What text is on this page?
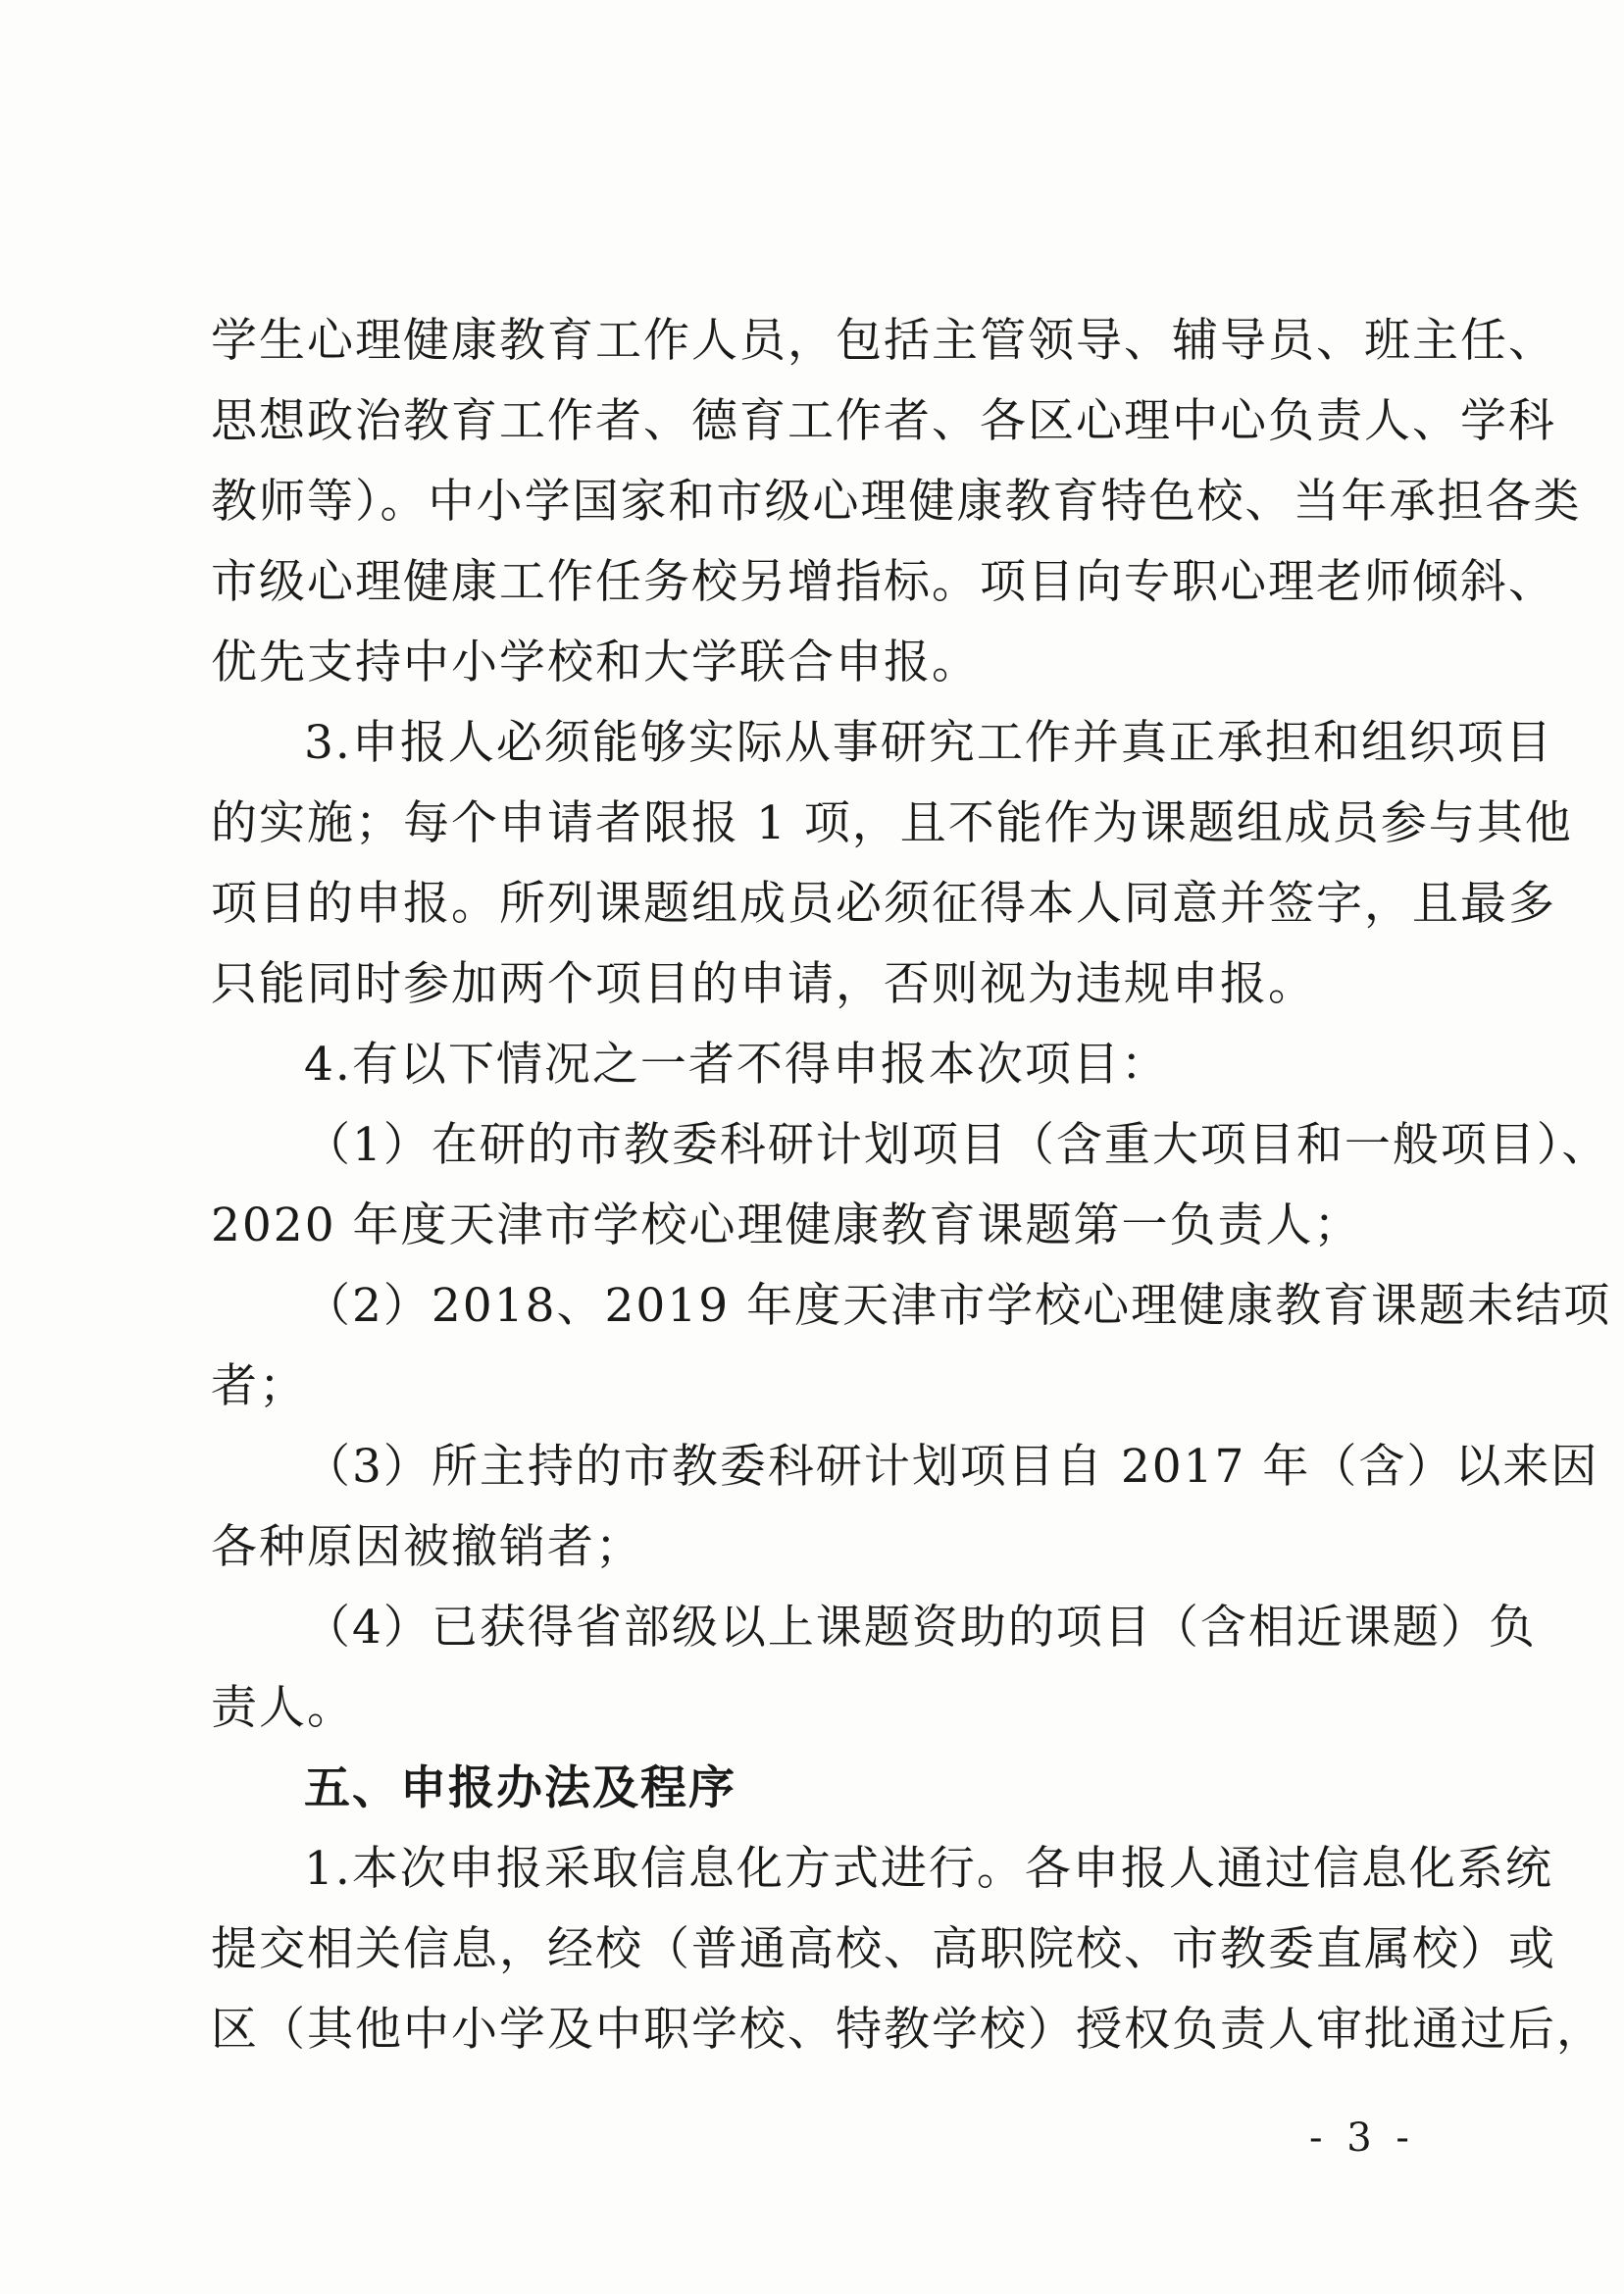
学生心理健康教育工作人员，包括主管领导、辅导员、班主任、
思想政治教育工作者、德育工作者、各区心理中心负责人、学科
教师等）。中小学国家和市级心理健康教育特色校、当年承担各类
市级心理健康工作任务校另增指标。项目向专职心理老师倾斜、
优先支持中小学校和大学联合申报。
3.申报人必须能够实际从事研究工作并真正承担和组织项目
的实施；每个申请者限报 1 项，且不能作为课题组成员参与其他
项目的申报。所列课题组成员必须征得本人同意并签字，且最多
只能同时参加两个项目的申请，否则视为违规申报。
4.有以下情况之一者不得申报本次项目：
（1）在研的市教委科研计划项目（含重大项目和一般项目）、
2020 年度天津市学校心理健康教育课题第一负责人；
（2）2018、2019 年度天津市学校心理健康教育课题未结项
者；
（3）所主持的市教委科研计划项目自 2017 年（含）以来因
各种原因被撤销者；
（4）已获得省部级以上课题资助的项目（含相近课题）负
责人。
五、申报办法及程序
1.本次申报采取信息化方式进行。各申报人通过信息化系统
提交相关信息，经校（普通高校、高职院校、市教委直属校）或
区（其他中小学及中职学校、特教学校）授权负责人审批通过后，
- 3 -
